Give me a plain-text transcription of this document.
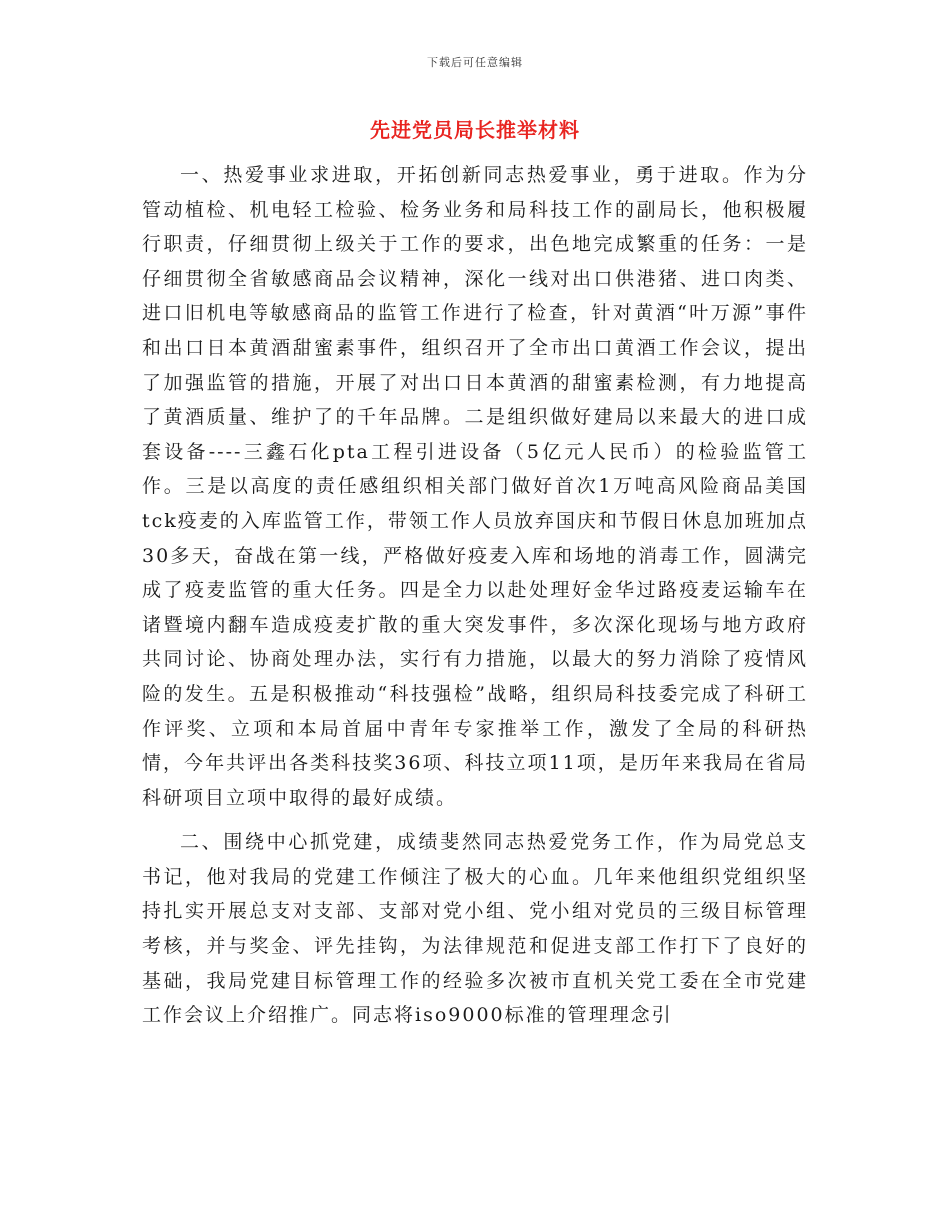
下载后可任意编辑
先进党员局长推举材料

一、热爱事业求进取，开拓创新同志热爱事业，勇于进取。作为分管动植检、机电轻工检验、检务业务和局科技工作的副局长，他积极履行职责，仔细贯彻上级关于工作的要求，出色地完成繁重的任务：一是仔细贯彻全省敏感商品会议精神，深化一线对出口供港猪、进口肉类、进口旧机电等敏感商品的监管工作进行了检查，针对黄酒“叶万源”事件和出口日本黄酒甜蜜素事件，组织召开了全市出口黄酒工作会议，提出了加强监管的措施，开展了对出口日本黄酒的甜蜜素检测，有力地提高了黄酒质量、维护了的千年品牌。二是组织做好建局以来最大的进口成套设备----三鑫石化pta工程引进设备（5亿元人民币）的检验监管工作。三是以高度的责任感组织相关部门做好首次1万吨高风险商品美国tck疫麦的入库监管工作，带领工作人员放弃国庆和节假日休息加班加点30多天，奋战在第一线，严格做好疫麦入库和场地的消毒工作，圆满完成了疫麦监管的重大任务。四是全力以赴处理好金华过路疫麦运输车在诸暨境内翻车造成疫麦扩散的重大突发事件，多次深化现场与地方政府共同讨论、协商处理办法，实行有力措施，以最大的努力消除了疫情风险的发生。五是积极推动“科技强检”战略，组织局科技委完成了科研工作评奖、立项和本局首届中青年专家推举工作，激发了全局的科研热情，今年共评出各类科技奖36项、科技立项11项，是历年来我局在省局科研项目立项中取得的最好成绩。

二、围绕中心抓党建，成绩斐然同志热爱党务工作，作为局党总支书记，他对我局的党建工作倾注了极大的心血。几年来他组织党组织坚持扎实开展总支对支部、支部对党小组、党小组对党员的三级目标管理考核，并与奖金、评先挂钩，为法律规范和促进支部工作打下了良好的基础，我局党建目标管理工作的经验多次被市直机关党工委在全市党建工作会议上介绍推广。同志将iso9000标准的管理理念引
